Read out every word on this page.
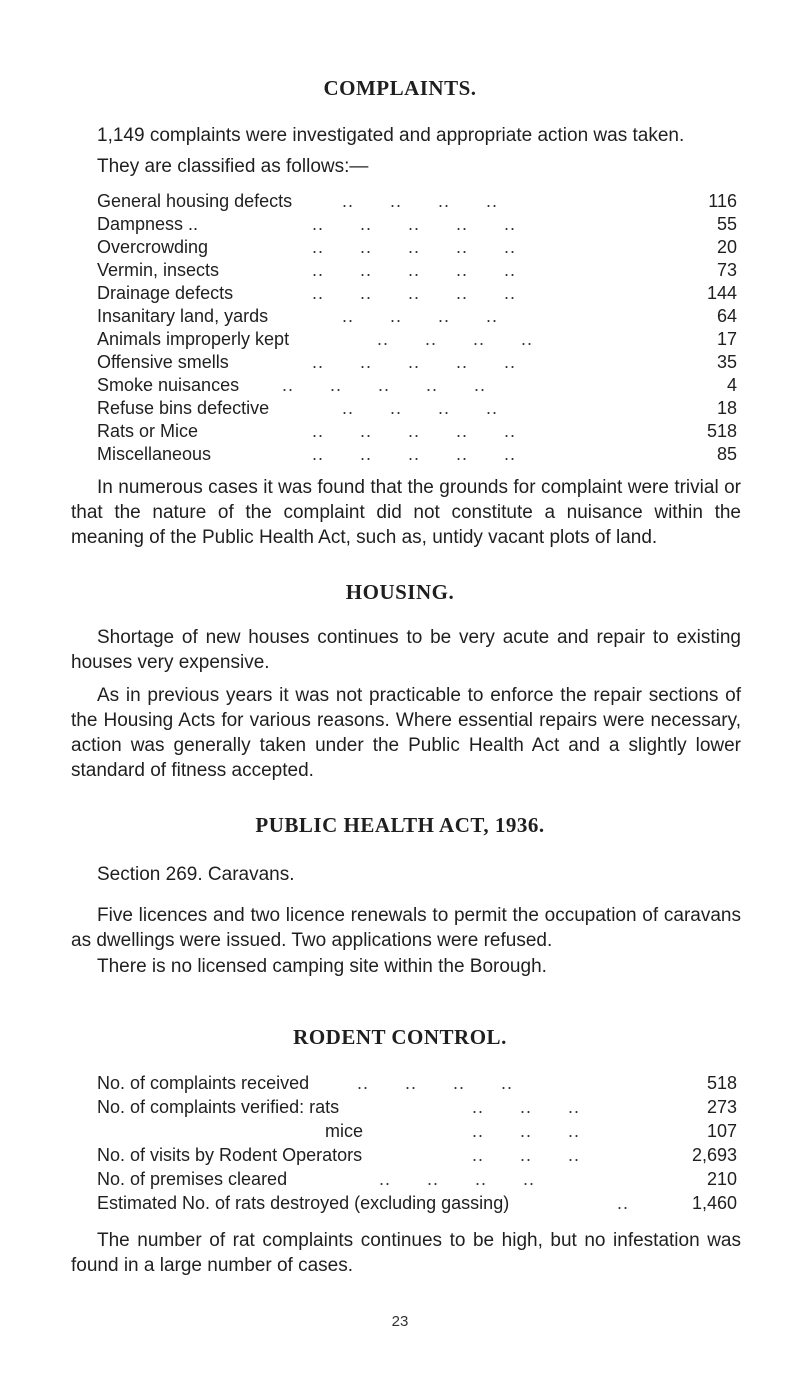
COMPLAINTS.
1,149 complaints were investigated and appropriate action was taken.
They are classified as follows:—
..      ..      ..      ..
General housing defects	116
..      ..      ..      ..      ..
Dampness ..	55
..      ..      ..      ..      ..
Overcrowding	20
..      ..      ..      ..      ..
Vermin, insects	73
..      ..      ..      ..      ..
Drainage defects	144
..      ..      ..      ..
Insanitary land, yards	64
..      ..      ..      ..
Animals improperly kept	17
..      ..      ..      ..      ..
Offensive smells	35
..      ..      ..      ..      ..
Smoke nuisances	4
..      ..      ..      ..
Refuse bins defective	18
..      ..      ..      ..      ..
Rats or Mice	518
..      ..      ..      ..      ..
Miscellaneous	85
In numerous cases it was found that the grounds for complaint were trivial or that the nature of the complaint did not constitute a nuisance within the meaning of the Public Health Act, such as, untidy vacant plots of land.
HOUSING.
Shortage of new houses continues to be very acute and repair to existing houses very expensive.
As in previous years it was not practicable to enforce the repair sections of the Housing Acts for various reasons. Where essential repairs were necessary, action was generally taken under the Public Health Act and a slightly lower standard of fitness accepted.
PUBLIC HEALTH ACT, 1936.
Section 269. Caravans.
Five licences and two licence renewals to permit the occupation of caravans as dwellings were issued. Two applications were refused.
There is no licensed camping site within the Borough.
RODENT CONTROL.
..      ..      ..      ..
No. of complaints received	518
..      ..      ..
No. of complaints verified: rats	273
..      ..      ..
mice	107
..      ..      ..
No. of visits by Rodent Operators	2,693
..      ..      ..      ..
No. of premises cleared	210
..
Estimated No. of rats destroyed (excluding gassing)	1,460
The number of rat complaints continues to be high, but no infestation was found in a large number of cases.
23
